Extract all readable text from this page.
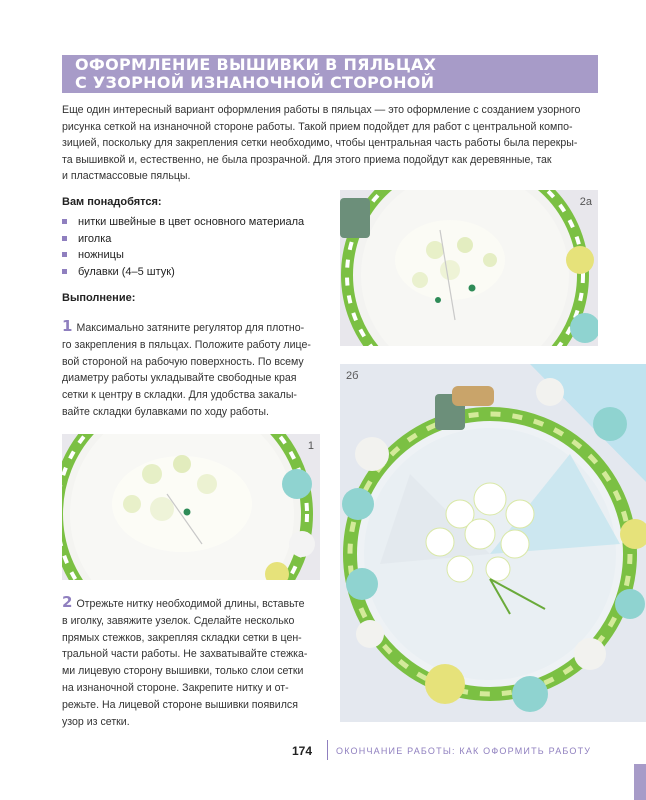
ОФОРМЛЕНИЕ ВЫШИВКИ В ПЯЛЬЦАХ
С УЗОРНОЙ ИЗНАНОЧНОЙ СТОРОНОЙ
Еще один интересный вариант оформления работы в пяльцах — это оформление с созданием узорного
рисунка сеткой на изнаночной стороне работы. Такой прием подойдет для работ с центральной компо-
зицией, поскольку для закрепления сетки необходимо, чтобы центральная часть работы была перекры-
та вышивкой и, естественно, не была прозрачной. Для этого приема подойдут как деревянные, так
и пластмассовые пяльцы.
Вам понадобятся:
нитки швейные в цвет основного материала
иголка
ножницы
булавки (4–5 штук)
Выполнение:
1 Максимально затяните регулятор для плотно-
го закрепления в пяльцах. Положите работу лице-
вой стороной на рабочую поверхность. По всему
диаметру работы укладывайте свободные края
сетки к центру в складки. Для удобства закалы-
вайте складки булавками по ходу работы.
2 Отрежьте нитку необходимой длины, вставьте
в иголку, завяжите узелок. Сделайте несколько
прямых стежков, закрепляя складки сетки в цен-
тральной части работы. Не захватывайте стежка-
ми лицевую сторону вышивки, только слои сетки
на изнаночной стороне. Закрепите нитку и от-
режьте. На лицевой стороне вышивки появился
узор из сетки.
2а
1
2б
174	ОКОНЧАНИЕ РАБОТЫ: КАК ОФОРМИТЬ РАБОТУ
